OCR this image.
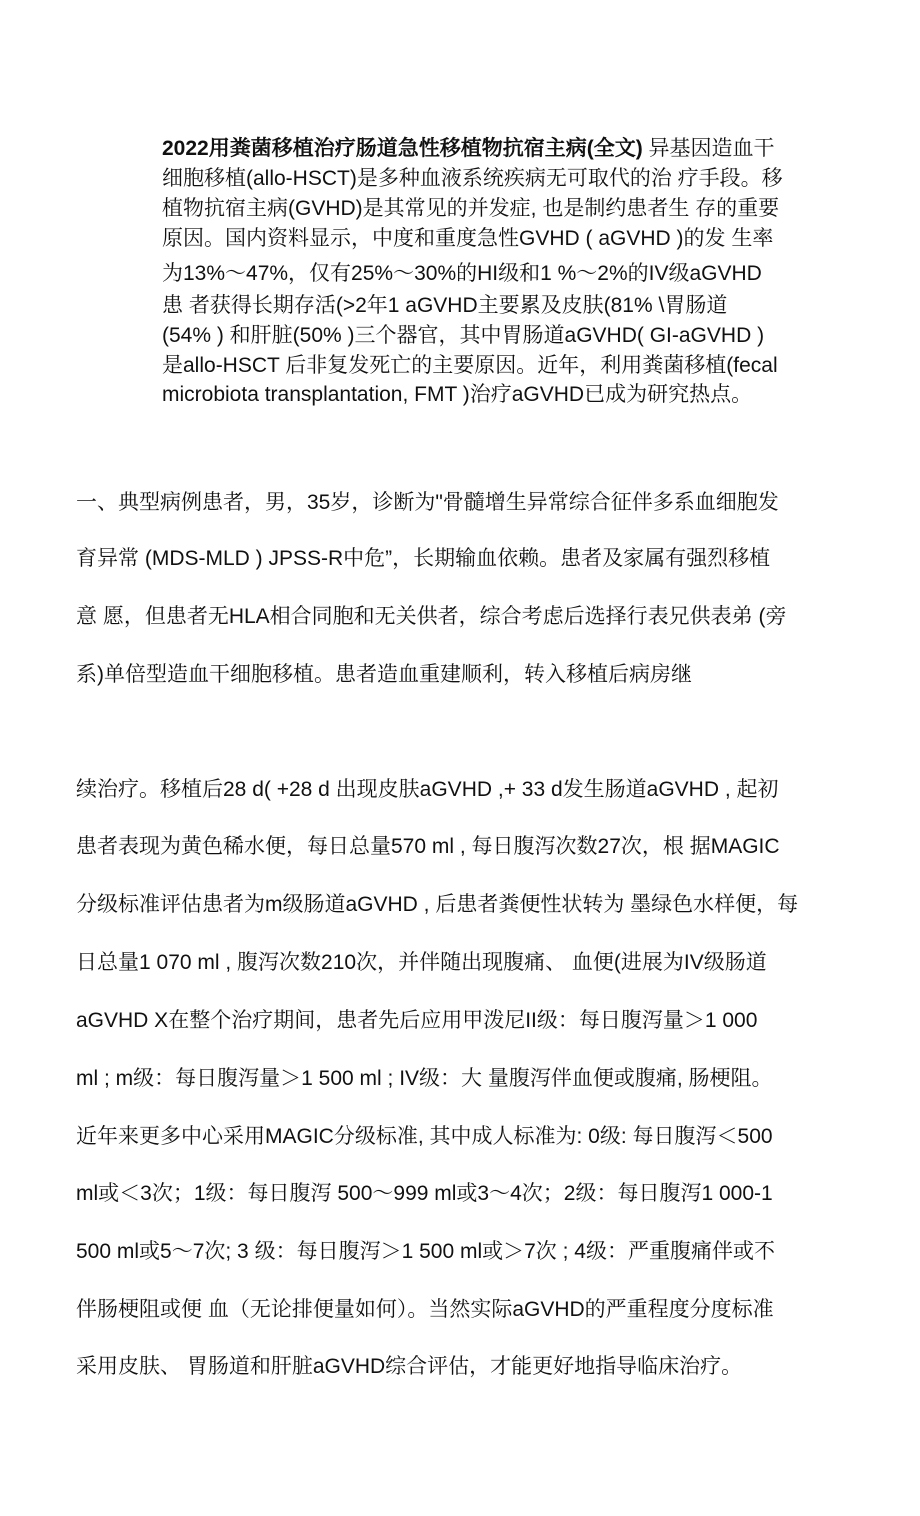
2022用粪菌移植治疗肠道急性移植物抗宿主病(全文) 异基因造血干
细胞移植(allo-HSCT)是多种血液系统疾病无可取代的治 疗手段。移
植物抗宿主病(GVHD)是其常见的并发症, 也是制约患者生 存的重要
原因。国内资料显示，中度和重度急性GVHD ( aGVHD )的发 生率
为13%〜47%，仅有25%〜30%的HI级和1 %〜2%的IV级aGVHD
患 者获得长期存活(>2年1 aGVHD主要累及皮肤(81% \胃肠道
(54% ) 和肝脏(50% )三个器官，其中胃肠道aGVHD( GI-aGVHD )
是allo-HSCT 后非复发死亡的主要原因。近年，利用粪菌移植(fecal
microbiota transplantation, FMT )治疗aGVHD已成为研究热点。
一、典型病例患者，男，35岁，诊断为"骨髓增生异常综合征伴多系血细胞发
育异常 (MDS-MLD ) JPSS-R中危”，长期输血依赖。患者及家属有强烈移植
意 愿，但患者无HLA相合同胞和无关供者，综合考虑后选择行表兄供表弟 (旁
系)单倍型造血干细胞移植。患者造血重建顺利，转入移植后病房继
续治疗。移植后28 d( +28 d 出现皮肤aGVHD ,+ 33 d发生肠道aGVHD , 起初
患者表现为黄色稀水便，每日总量570 ml , 每日腹泻次数27次，根 据MAGIC
分级标准评估患者为m级肠道aGVHD , 后患者粪便性状转为 墨绿色水样便，每
日总量1 070 ml , 腹泻次数210次，并伴随出现腹痛、 血便(进展为IV级肠道
aGVHD X在整个治疗期间，患者先后应用甲泼尼II级：每日腹泻量＞1 000
ml ; m级：每日腹泻量＞1 500 ml ; IV级：大 量腹泻伴血便或腹痛, 肠梗阻。
近年来更多中心采用MAGIC分级标准, 其中成人标准为: 0级: 每日腹泻＜500
ml或＜3次；1级：每日腹泻 500〜999 ml或3〜4次；2级：每日腹泻1 000-1
500 ml或5〜7次; 3 级：每日腹泻＞1 500 ml或＞7次 ; 4级：严重腹痛伴或不
伴肠梗阻或便 血（无论排便量如何）。当然实际aGVHD的严重程度分度标准
采用皮肤、 胃肠道和肝脏aGVHD综合评估，才能更好地指导临床治疗。
